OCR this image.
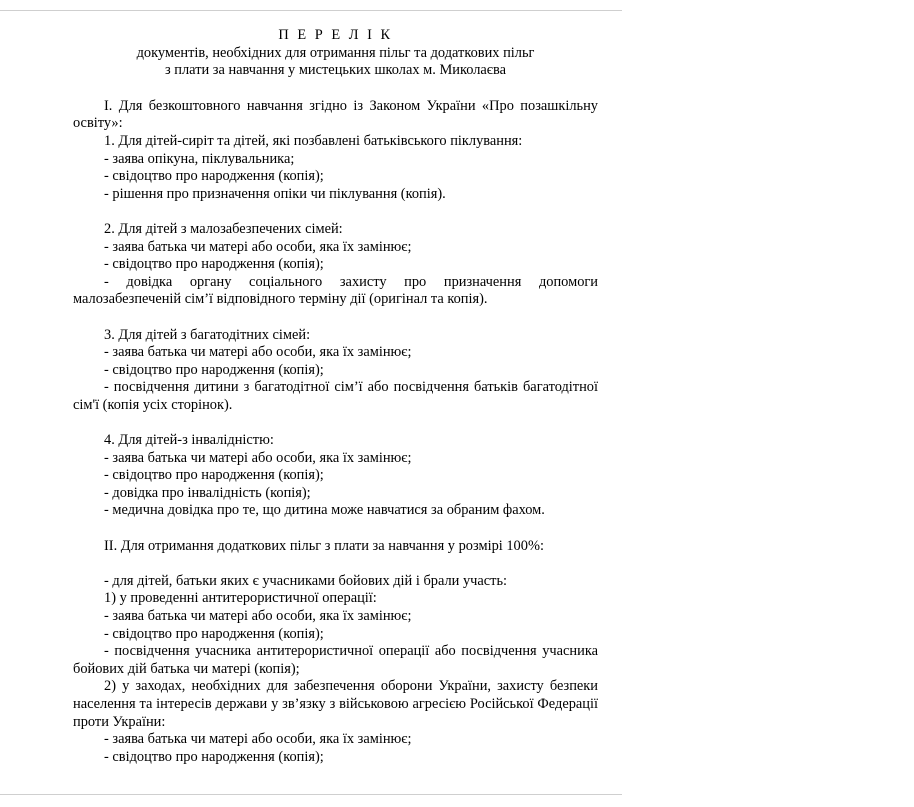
П Е Р Е Л І К

документів, необхідних для отримання пільг та додаткових пільг

з плати за навчання у мистецьких школах м. Миколаєва

І. Для безкоштовного навчання згідно із Законом України «Про позашкільну освіту»:

1. Для дітей-сиріт та дітей, які позбавлені батьківського піклування:

- заява опікуна, піклувальника;

- свідоцтво про народження (копія);

- рішення про призначення опіки чи піклування (копія).

2. Для дітей з малозабезпечених сімей:

- заява батька чи матері або особи, яка їх замінює;

- свідоцтво про народження (копія);

- довідка органу соціального захисту про призначення допомоги малозабезпеченій сім’ї відповідного терміну дії (оригінал та копія).

3. Для дітей з багатодітних сімей:

- заява батька чи матері або особи, яка їх замінює;

- свідоцтво про народження (копія);

- посвідчення дитини з багатодітної сім’ї або посвідчення батьків багатодітної сім'ї (копія усіх сторінок).

4. Для дітей-з інвалідністю:

- заява батька чи матері або особи, яка їх замінює;

- свідоцтво про народження (копія);

- довідка про інвалідність (копія);

- медична довідка про те, що дитина може навчатися за обраним фахом.

ІІ. Для отримання додаткових пільг з плати за навчання у розмірі 100%:

- для дітей, батьки яких є учасниками бойових дій і брали участь:

1) у проведенні антитерористичної операції:

- заява батька чи матері або особи, яка їх замінює;

- свідоцтво про народження (копія);

- посвідчення учасника антитерористичної операції або посвідчення учасника бойових дій батька чи матері (копія);

2) у заходах, необхідних для забезпечення оборони України, захисту безпеки населення та інтересів держави у зв’язку з військовою агресією Російської Федерації проти України:

- заява батька чи матері або особи, яка їх замінює;

- свідоцтво про народження (копія);
